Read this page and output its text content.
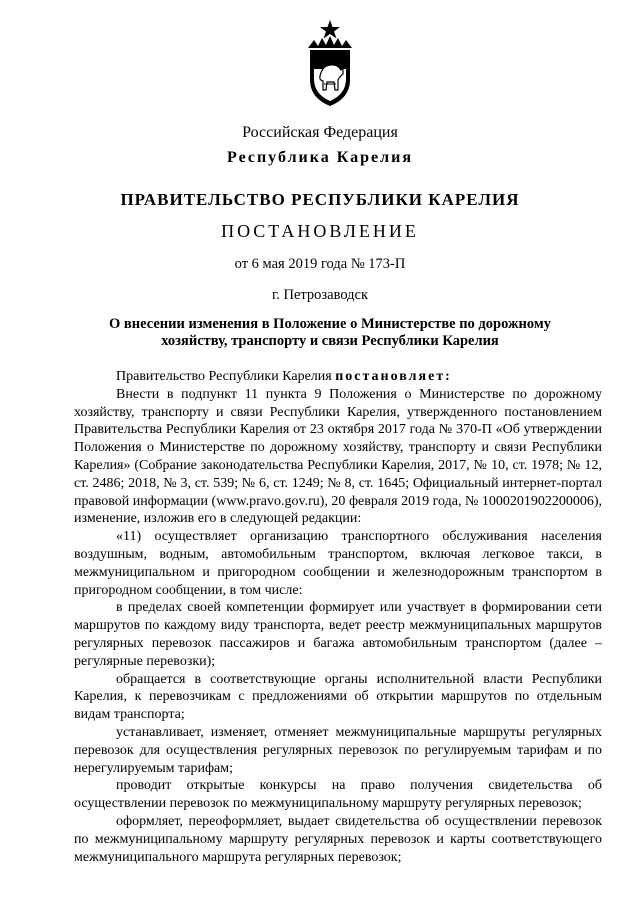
Российская Федерация
Республика Карелия
ПРАВИТЕЛЬСТВО РЕСПУБЛИКИ КАРЕЛИЯ
ПОСТАНОВЛЕНИЕ
от 6 мая 2019 года № 173-П
г. Петрозаводск
О внесении изменения в Положение о Министерстве по дорожному
хозяйству, транспорту и связи Республики Карелия

Правительство Республики Карелия постановляет:

Внести в подпункт 11 пункта 9 Положения о Министерстве по дорожному хозяйству, транспорту и связи Республики Карелия, утвержденного постановлением Правительства Республики Карелия от 23 октября 2017 года № 370-П «Об утверждении Положения о Министерстве по дорожному хозяйству, транспорту и связи Республики Карелия» (Собрание законодательства Республики Карелия, 2017, № 10, ст. 1978; № 12, ст. 2486; 2018, № 3, ст. 539; № 6, ст. 1249; № 8, ст. 1645; Официальный интернет-портал правовой информации (www.pravo.gov.ru), 20 февраля 2019 года, № 1000201902200006), изменение, изложив его в следующей редакции:

«11) осуществляет организацию транспортного обслуживания населения воздушным, водным, автомобильным транспортом, включая легковое такси, в межмуниципальном и пригородном сообщении и железнодорожным транспортом в пригородном сообщении, в том числе:

в пределах своей компетенции формирует или участвует в формировании сети маршрутов по каждому виду транспорта, ведет реестр межмуниципальных маршрутов регулярных перевозок пассажиров и багажа автомобильным транспортом (далее – регулярные перевозки);

обращается в соответствующие органы исполнительной власти Республики Карелия, к перевозчикам с предложениями об открытии маршрутов по отдельным видам транспорта;

устанавливает, изменяет, отменяет межмуниципальные маршруты регулярных перевозок для осуществления регулярных перевозок по регулируемым тарифам и по нерегулируемым тарифам;

проводит открытые конкурсы на право получения свидетельства об осуществлении перевозок по межмуниципальному маршруту регулярных перевозок;

оформляет, переоформляет, выдает свидетельства об осуществлении перевозок по межмуниципальному маршруту регулярных перевозок и карты соответствующего межмуниципального маршрута регулярных перевозок;
